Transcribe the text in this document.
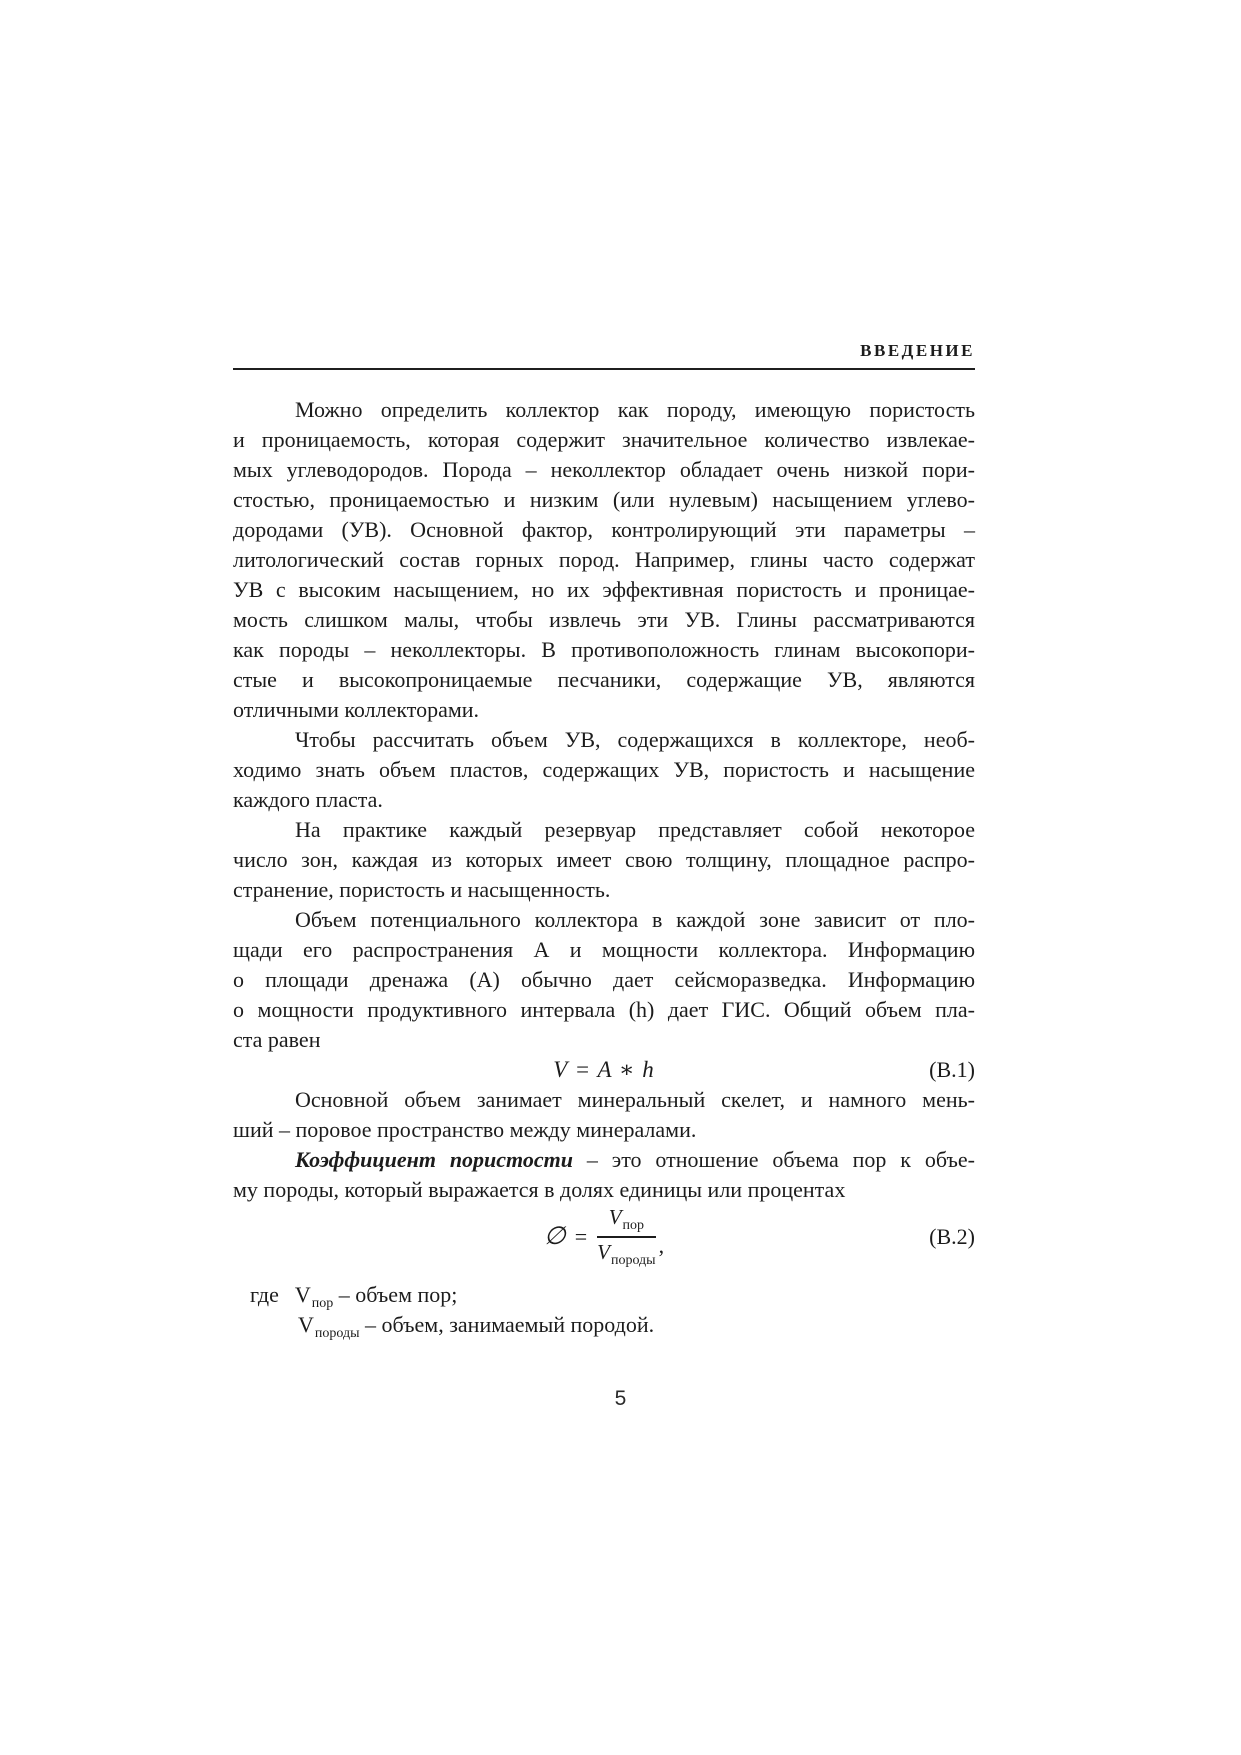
ВВЕДЕНИЕ
Можно определить коллектор как породу, имеющую пористость
и проницаемость, которая содержит значительное количество извлекае-
мых углеводородов. Порода – неколлектор обладает очень низкой пори-
стостью, проницаемостью и низким (или нулевым) насыщением углево-
дородами (УВ). Основной фактор, контролирующий эти параметры –
литологический состав горных пород. Например, глины часто содержат
УВ с высоким насыщением, но их эффективная пористость и проницае-
мость слишком малы, чтобы извлечь эти УВ. Глины рассматриваются
как породы – неколлекторы. В противоположность глинам высокопори-
стые и высокопроницаемые песчаники, содержащие УВ, являются
отличными коллекторами.
Чтобы рассчитать объем УВ, содержащихся в коллекторе, необ-
ходимо знать объем пластов, содержащих УВ, пористость и насыщение
каждого пласта.
На практике каждый резервуар представляет собой некоторое
число зон, каждая из которых имеет свою толщину, площадное распро-
странение, пористость и насыщенность.
Объем потенциального коллектора в каждой зоне зависит от пло-
щади его распространения А и мощности коллектора. Информацию
о площади дренажа (А) обычно дает сейсморазведка. Информацию
о мощности продуктивного интервала (h) дает ГИС. Общий объем пла-
ста равен
V = A ∗ h	(В.1)
Основной объем занимает минеральный скелет, и намного мень-
ший – поровое пространство между минералами.
Коэффициент пористости – это отношение объема пор к объе-
му породы, который выражается в долях единицы или процентах
∅ = $\frac{V_{пор}}{V_{породы}}$ ,	(В.2)
где $V_{пор}$ – объем пор;
$V_{породы}$ – объем, занимаемый породой.
5
